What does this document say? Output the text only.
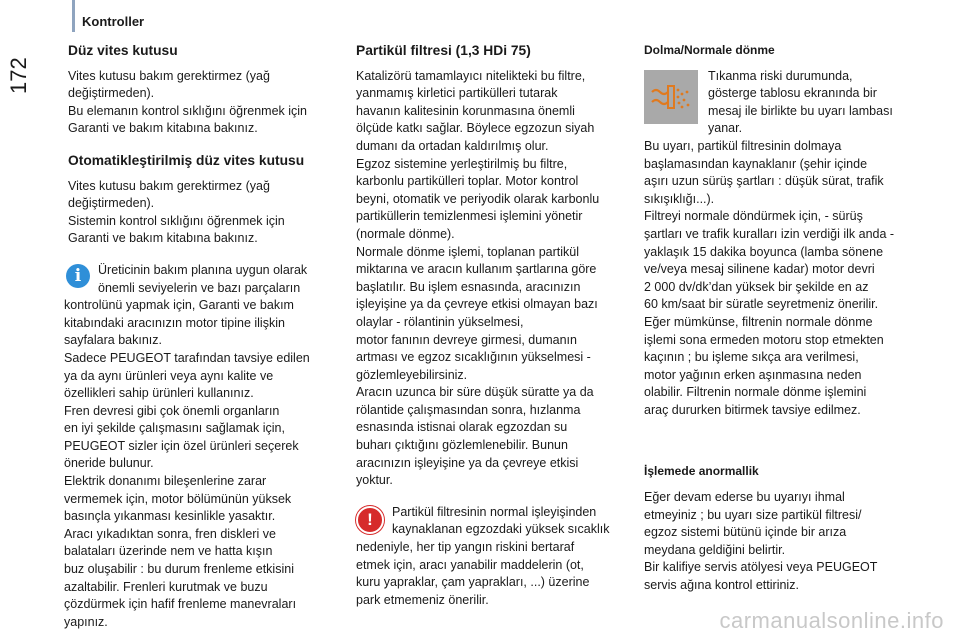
Kontroller
172
Düz vites kutusu

Vites kutusu bakım gerektirmez (yağ
değiştirmeden).
Bu elemanın kontrol sıklığını öğrenmek için
Garanti ve bakım kitabına bakınız.

Otomatikleştirilmiş düz vites kutusu

Vites kutusu bakım gerektirmez (yağ
değiştirmeden).
Sistemin kontrol sıklığını öğrenmek için
Garanti ve bakım kitabına bakınız.

i	Üreticinin bakım planına uygun olarak
önemli seviyelerin ve bazı parçaların
kontrolünü yapmak için, Garanti ve bakım
kitabındaki aracınızın motor tipine ilişkin
sayfalara bakınız.
Sadece PEUGEOT tarafından tavsiye edilen
ya da aynı ürünleri veya aynı kalite ve
özellikleri sahip ürünleri kullanınız.
Fren devresi gibi çok önemli organların
en iyi şekilde çalışmasını sağlamak için,
PEUGEOT sizler için özel ürünleri seçerek
öneride bulunur.
Elektrik donanımı bileşenlerine zarar
vermemek için, motor bölümünün yüksek
basınçla yıkanması kesinlikle yasaktır.
Aracı yıkadıktan sonra, fren diskleri ve
balataları üzerinde nem ve hatta kışın
buz oluşabilir : bu durum frenleme etkisini
azaltabilir. Frenleri kurutmak ve buzu
çözdürmek için hafif frenleme manevraları
yapınız.

Partikül filtresi (1,3 HDi 75)

Katalizörü tamamlayıcı nitelikteki bu filtre,
yanmamış kirletici partikülleri tutarak
havanın kalitesinin korunmasına önemli
ölçüde katkı sağlar. Böylece egzozun siyah
dumanı da ortadan kaldırılmış olur.
Egzoz sistemine yerleştirilmiş bu filtre,
karbonlu partikülleri toplar. Motor kontrol
beyni, otomatik ve periyodik olarak karbonlu
partiküllerin temizlenmesi işlemini yönetir
(normale dönme).
Normale dönme işlemi, toplanan partikül
miktarına ve aracın kullanım şartlarına göre
başlatılır. Bu işlem esnasında, aracınızın
işleyişine ya da çevreye etkisi olmayan bazı
olaylar - rölantinin yükselmesi,
motor fanının devreye girmesi, dumanın
artması ve egzoz sıcaklığının yükselmesi -
gözlemleyebilirsiniz.
Aracın uzunca bir süre düşük süratte ya da
rölantide çalışmasından sonra, hızlanma
esnasında istisnai olarak egzozdan su
buharı çıktığını gözlemlenebilir. Bunun
aracınızın işleyişine ya da çevreye etkisi
yoktur.

!	Partikül filtresinin normal işleyişinden
kaynaklanan egzozdaki yüksek sıcaklık
nedeniyle, her tip yangın riskini bertaraf
etmek için, aracı yanabilir maddelerin (ot,
kuru yapraklar, çam yaprakları, ...) üzerine
park etmemeniz önerilir.

Dolma/Normale dönme

Tıkanma riski durumunda,
gösterge tablosu ekranında bir
mesaj ile birlikte bu uyarı lambası
yanar.

Bu uyarı, partikül filtresinin dolmaya
başlamasından kaynaklanır (şehir içinde
aşırı uzun sürüş şartları : düşük sürat, trafik
sıkışıklığı...).
Filtreyi normale döndürmek için, - sürüş
şartları ve trafik kuralları izin verdiği ilk anda -
yaklaşık 15 dakika boyunca (lamba sönene
ve/veya mesaj silinene kadar) motor devri
2 000 dv/dk’dan yüksek bir şekilde en az
60 km/saat bir süratle seyretmeniz önerilir.
Eğer mümkünse, filtrenin normale dönme
işlemi sona ermeden motoru stop etmekten
kaçının ; bu işleme sıkça ara verilmesi,
motor yağının erken aşınmasına neden
olabilir. Filtrenin normale dönme işlemini
araç dururken bitirmek tavsiye edilmez.

İşlemede anormallik

Eğer devam ederse bu uyarıyı ihmal
etmeyiniz ; bu uyarı size partikül filtresi/
egzoz sistemi bütünü içinde bir arıza
meydana geldiğini belirtir.
Bir kalifiye servis atölyesi veya PEUGEOT
servis ağına kontrol ettiriniz.

carmanualsonline.info
